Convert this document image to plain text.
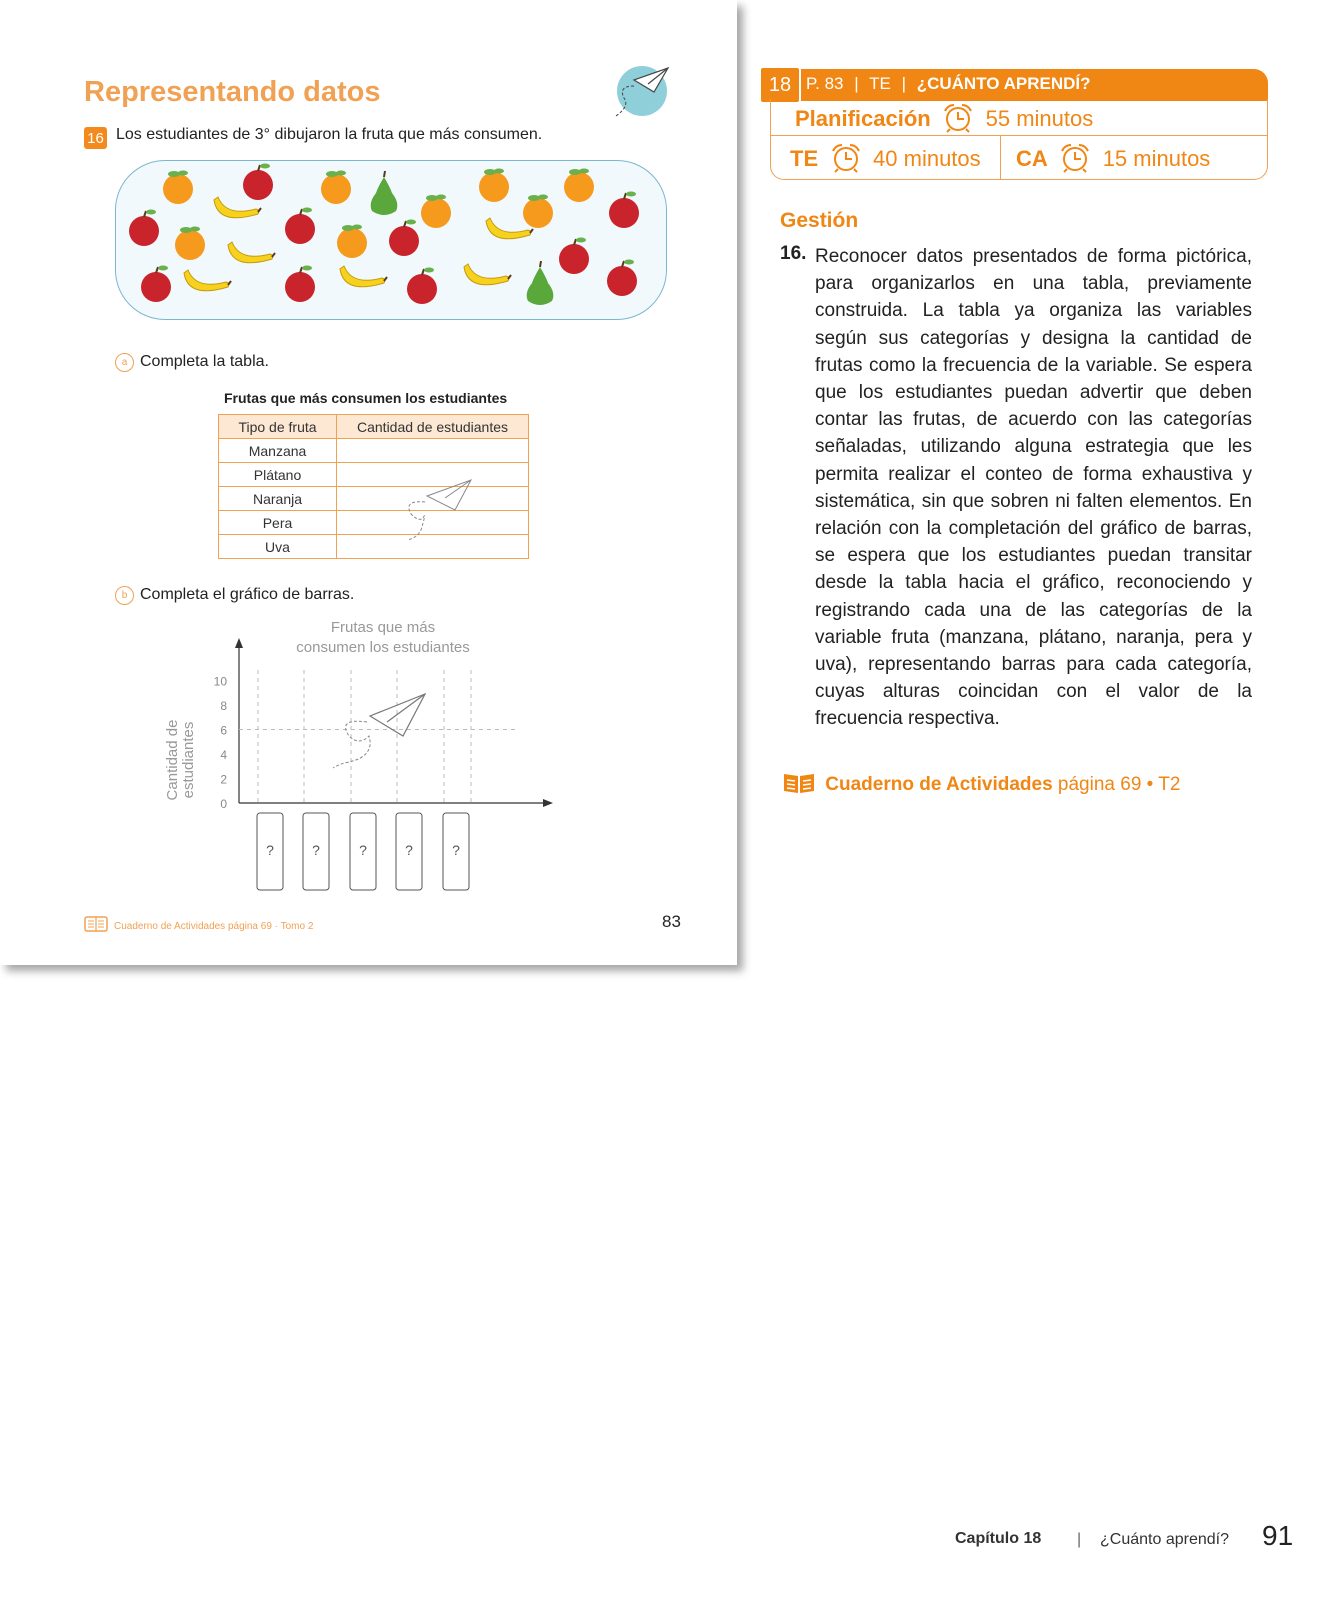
Representando datos
16 Los estudiantes de 3° dibujaron la fruta que más consumen.
a Completa la tabla.
Frutas que más consumen los estudiantes
Tipo de fruta	Cantidad de estudiantes
Manzana	
Plátano	
Naranja	
Pera	
Uva	
b Completa el gráfico de barras.
Frutas que más
consumen los estudiantes
Cantidad de estudiantes
0
2
4
6
8
10
?	?	?	?	?
Cuaderno de Actividades página 69 · Tomo 2	83
18 P. 83 | TE | ¿CUÁNTO APRENDÍ?
Planificación 55 minutos
TE 40 minutos CA 15 minutos
Gestión
16. Reconocer datos presentados de forma pictórica, para organizarlos en una tabla, previamente construida. La tabla ya organiza las variables según sus categorías y designa la cantidad de frutas como la frecuencia de la variable. Se espera que los estudiantes puedan advertir que deben contar las frutas, de acuerdo con las categorías señaladas, utilizando alguna estrategia que les permita realizar el conteo de forma exhaustiva y sistemática, sin que sobren ni falten elementos. En relación con la completación del gráfico de barras, se espera que los estudiantes puedan transitar desde la tabla hacia el gráfico, reconociendo y registrando cada una de las categorías de la variable fruta (manzana, plátano, naranja, pera y uva), representando barras para cada categoría, cuyas alturas coincidan con el valor de la frecuencia respectiva.
Cuaderno de Actividades página 69 • T2
Capítulo 18 | ¿Cuánto aprendí? 91
